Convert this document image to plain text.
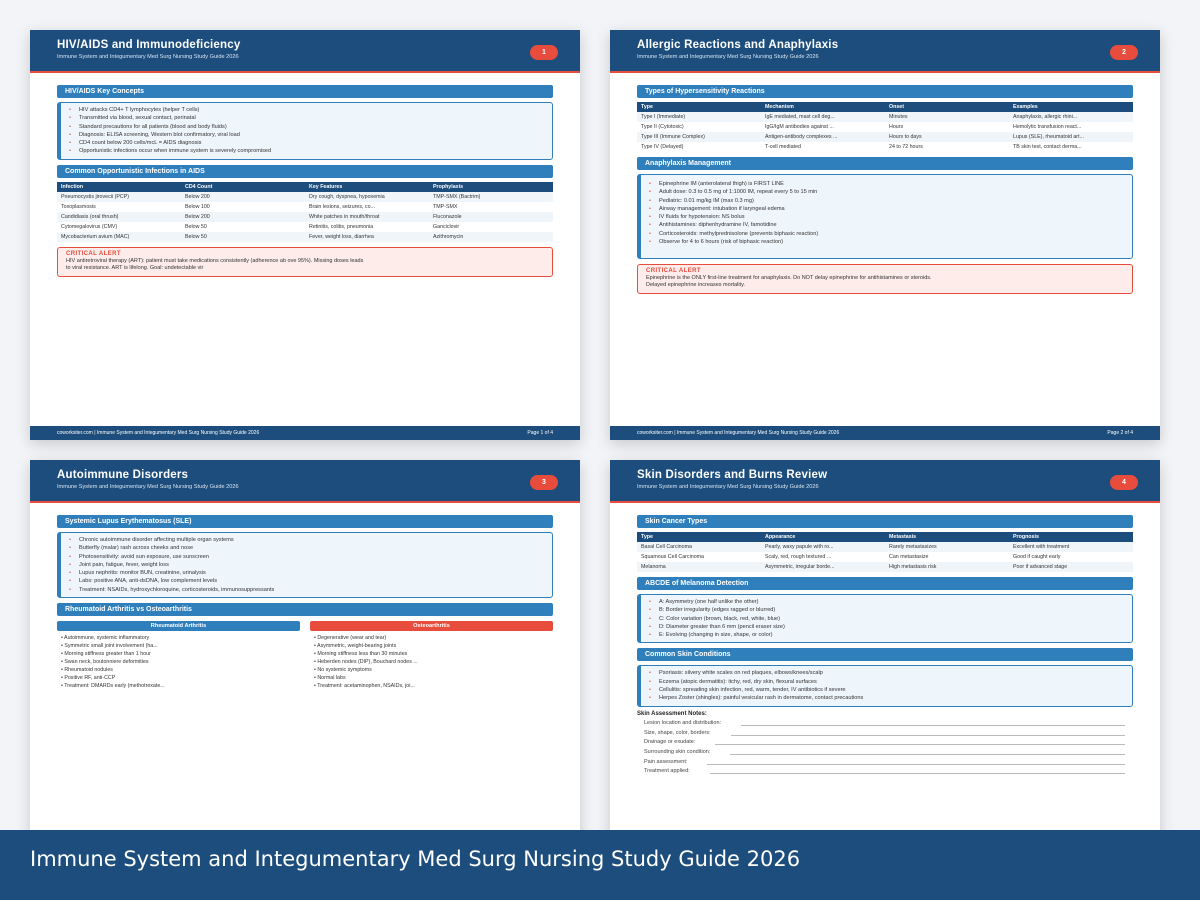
HIV/AIDS and Immunodeficiency
Immune System and Integumentary Med Surg Nursing Study Guide 2026
1
HIV/AIDS Key Concepts
• HIV attacks CD4+ T lymphocytes (helper T cells)
• Transmitted via blood, sexual contact, perinatal
• Standard precautions for all patients (blood and body fluids)
• Diagnosis: ELISA screening, Western blot confirmatory, viral load
• CD4 count below 200 cells/mcL = AIDS diagnosis
• Opportunistic infections occur when immune system is severely compromised
Common Opportunistic Infections in AIDS
Infection	CD4 Count	Key Features	Prophylaxis
Pneumocystis jirovecii (PCP)	Below 200	Dry cough, dyspnea, hypoxemia	TMP-SMX (Bactrim)
Toxoplasmosis	Below 100	Brain lesions, seizures, co...	TMP-SMX
Candidiasis (oral thrush)	Below 200	White patches in mouth/throat	Fluconazole
Cytomegalovirus (CMV)	Below 50	Retinitis, colitis, pneumonia	Ganciclovir
Mycobacterium avium (MAC)	Below 50	Fever, weight loss, diarrhea	Azithromycin
CRITICAL ALERT
HIV antiretroviral therapy (ART): patient must take medications consistently (adherence ab ove 95%). Missing doses leads to viral resistance. ART is lifelong. Goal: undetectable vir
coworksiter.com | Immune System and Integumentary Med Surg Nursing Study Guide 2026	Page 1 of 4
Allergic Reactions and Anaphylaxis
Immune System and Integumentary Med Surg Nursing Study Guide 2026
2
Types of Hypersensitivity Reactions
Type	Mechanism	Onset	Examples
Type I (Immediate)	IgE mediated, mast cell deg...	Minutes	Anaphylaxis, allergic rhini...
Type II (Cytotoxic)	IgG/IgM antibodies against ...	Hours	Hemolytic transfusion react...
Type III (Immune Complex)	Antigen-antibody complexes ...	Hours to days	Lupus (SLE), rheumatoid art...
Type IV (Delayed)	T-cell mediated	24 to 72 hours	TB skin test, contact derma...
Anaphylaxis Management
• Epinephrine IM (anterolateral thigh) is FIRST LINE
• Adult dose: 0.3 to 0.5 mg of 1:1000 IM, repeat every 5 to 15 min
• Pediatric: 0.01 mg/kg IM (max 0.3 mg)
• Airway management: intubation if laryngeal edema
• IV fluids for hypotension: NS bolus
• Antihistamines: diphenhydramine IV, famotidine
• Corticosteroids: methylprednisolone (prevents biphasic reaction)
• Observe for 4 to 6 hours (risk of biphasic reaction)
CRITICAL ALERT
Epinephrine is the ONLY first-line treatment for anaphylaxis. Do NOT delay epinephrine for antihistamines or steroids. Delayed epinephrine increases mortality.
coworksiter.com | Immune System and Integumentary Med Surg Nursing Study Guide 2026	Page 2 of 4
Autoimmune Disorders
Immune System and Integumentary Med Surg Nursing Study Guide 2026
3
Systemic Lupus Erythematosus (SLE)
• Chronic autoimmune disorder affecting multiple organ systems
• Butterfly (malar) rash across cheeks and nose
• Photosensitivity: avoid sun exposure, use sunscreen
• Joint pain, fatigue, fever, weight loss
• Lupus nephritis: monitor BUN, creatinine, urinalysis
• Labs: positive ANA, anti-dsDNA, low complement levels
• Treatment: NSAIDs, hydroxychloroquine, corticosteroids, immunosuppressants
Rheumatoid Arthritis vs Osteoarthritis
Rheumatoid Arthritis
• Autoimmune, systemic inflammatory
• Symmetric small joint involvement (ha...
• Morning stiffness greater than 1 hour
• Swan neck, boutonniere deformities
• Rheumatoid nodules
• Positive RF, anti-CCP
• Treatment: DMARDs early (methotrexate...
Osteoarthritis
• Degenerative (wear and tear)
• Asymmetric, weight-bearing joints
• Morning stiffness less than 30 minutes
• Heberden nodes (DIP), Bouchard nodes ...
• No systemic symptoms
• Normal labs
• Treatment: acetaminophen, NSAIDs, joi...
Skin Disorders and Burns Review
Immune System and Integumentary Med Surg Nursing Study Guide 2026
4
Skin Cancer Types
Type	Appearance	Metastasis	Prognosis
Basal Cell Carcinoma	Pearly, waxy papule with ro...	Rarely metastasizes	Excellent with treatment
Squamous Cell Carcinoma	Scaly, red, rough textured ...	Can metastasize	Good if caught early
Melanoma	Asymmetric, irregular borde...	High metastasis risk	Poor if advanced stage
ABCDE of Melanoma Detection
• A: Asymmetry (one half unlike the other)
• B: Border irregularity (edges ragged or blurred)
• C: Color variation (brown, black, red, white, blue)
• D: Diameter greater than 6 mm (pencil eraser size)
• E: Evolving (changing in size, shape, or color)
Common Skin Conditions
• Psoriasis: silvery white scales on red plaques, elbows/knees/scalp
• Eczema (atopic dermatitis): itchy, red, dry skin, flexural surfaces
• Cellulitis: spreading skin infection, red, warm, tender, IV antibiotics if severe
• Herpes Zoster (shingles): painful vesicular rash in dermatome, contact precautions
Skin Assessment Notes:
Lesion location and distribution:
Size, shape, color, borders:
Drainage or exudate:
Surrounding skin condition:
Pain assessment:
Treatment applied:
Immune System and Integumentary Med Surg Nursing Study Guide 2026
